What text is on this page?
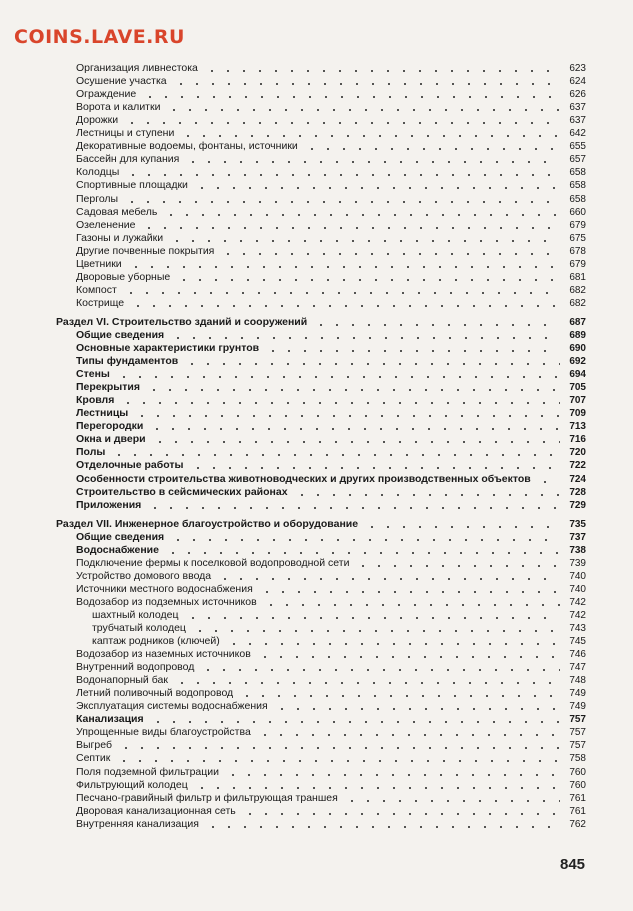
COINS.LAVE.RU
Организация ливнестока	623
Осушение участка	624
Ограждение	626
Ворота и калитки	637
Дорожки	637
Лестницы и ступени	642
Декоративные водоемы, фонтаны, источники	655
Бассейн для купания	657
Колодцы	658
Спортивные площадки	658
Перголы	658
Садовая мебель	660
Озеленение	679
Газоны и лужайки	675
Другие почвенные покрытия	678
Цветники	679
Дворовые уборные	681
Компост	682
Кострище	682
Раздел VI. Строительство зданий и сооружений	687
Общие сведения	689
Основные характеристики грунтов	690
Типы фундаментов	692
Стены	694
Перекрытия	705
Кровля	707
Лестницы	709
Перегородки	713
Окна и двери	716
Полы	720
Отделочные работы	722
Особенности строительства животноводческих и других производственных объектов	724
Строительство в сейсмических районах	728
Приложения	729
Раздел VII. Инженерное благоустройство и оборудование	735
Общие сведения	737
Водоснабжение	738
Подключение фермы к поселковой водопроводной сети	739
Устройство домового ввода	740
Источники местного водоснабжения	740
Водозабор из подземных источников	742
шахтный колодец	742
трубчатый колодец	743
каптаж родников (ключей)	745
Водозабор из наземных источников	746
Внутренний водопровод	747
Водонапорный бак	748
Летний поливочный водопровод	749
Эксплуатация системы водоснабжения	749
Канализация	757
Упрощенные виды благоустройства	757
Выгреб	757
Септик	758
Поля подземной фильтрации	760
Фильтрующий колодец	760
Песчано-гравийный фильтр и фильтрующая траншея	761
Дворовая канализационная сеть	761
Внутренняя канализация	762
845
